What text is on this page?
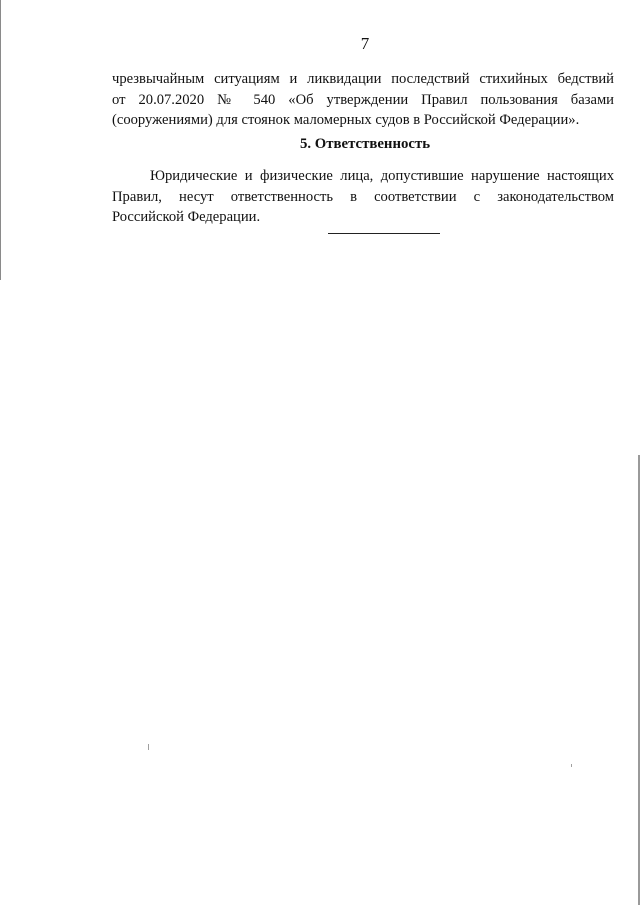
7
чрезвычайным ситуациям и ликвидации последствий стихийных бедствий
от 20.07.2020 № 540 «Об утверждении Правил пользования базами
(сооружениями) для стоянок маломерных судов в Российской Федерации».
5. Ответственность
Юридические и физические лица, допустившие нарушение настоящих
Правил, несут ответственность в соответствии с законодательством
Российской Федерации.
